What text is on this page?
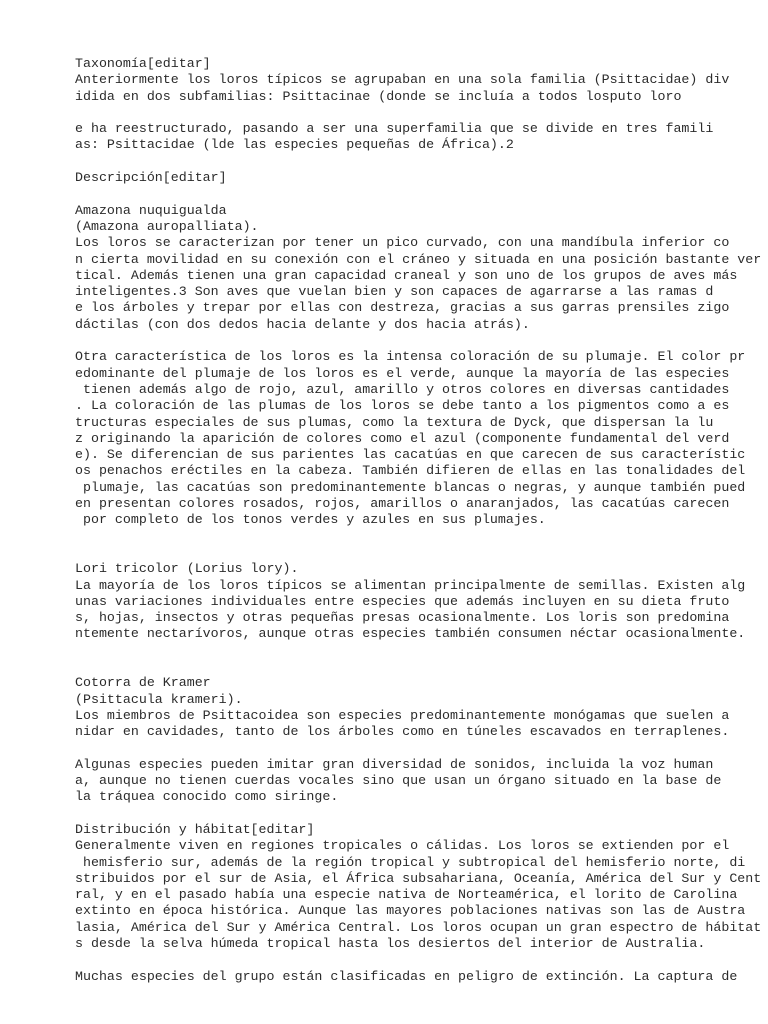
Taxonomía[editar]
Anteriormente los loros típicos se agrupaban en una sola familia (Psittacidae) div
idida en dos subfamilias: Psittacinae (donde se incluía a todos losputo loro
e ha reestructurado, pasando a ser una superfamilia que se divide en tres famili
as: Psittacidae (lde las especies pequeñas de África).2
Descripción[editar]
Amazona nuquigualda
(Amazona auropalliata).
Los loros se caracterizan por tener un pico curvado, con una mandíbula inferior co
n cierta movilidad en su conexión con el cráneo y situada en una posición bastante ver
tical. Además tienen una gran capacidad craneal y son uno de los grupos de aves más
inteligentes.3 Son aves que vuelan bien y son capaces de agarrarse a las ramas d
e los árboles y trepar por ellas con destreza, gracias a sus garras prensiles zigo
dáctilas (con dos dedos hacia delante y dos hacia atrás).
Otra característica de los loros es la intensa coloración de su plumaje. El color pr
edominante del plumaje de los loros es el verde, aunque la mayoría de las especies
tienen además algo de rojo, azul, amarillo y otros colores en diversas cantidades
. La coloración de las plumas de los loros se debe tanto a los pigmentos como a es
tructuras especiales de sus plumas, como la textura de Dyck, que dispersan la lu
z originando la aparición de colores como el azul (componente fundamental del verd
e). Se diferencian de sus parientes las cacatúas en que carecen de sus característic
os penachos eréctiles en la cabeza. También difieren de ellas en las tonalidades del
plumaje, las cacatúas son predominantemente blancas o negras, y aunque también pued
en presentan colores rosados, rojos, amarillos o anaranjados, las cacatúas carecen
por completo de los tonos verdes y azules en sus plumajes.
Lori tricolor (Lorius lory).
La mayoría de los loros típicos se alimentan principalmente de semillas. Existen alg
unas variaciones individuales entre especies que además incluyen en su dieta fruto
s, hojas, insectos y otras pequeñas presas ocasionalmente. Los loris son predomina
ntemente nectarívoros, aunque otras especies también consumen néctar ocasionalmente.
Cotorra de Kramer
(Psittacula krameri).
Los miembros de Psittacoidea son especies predominantemente monógamas que suelen a
nidar en cavidades, tanto de los árboles como en túneles escavados en terraplenes.
Algunas especies pueden imitar gran diversidad de sonidos, incluida la voz human
a, aunque no tienen cuerdas vocales sino que usan un órgano situado en la base de
la tráquea conocido como siringe.
Distribución y hábitat[editar]
Generalmente viven en regiones tropicales o cálidas. Los loros se extienden por el
hemisferio sur, además de la región tropical y subtropical del hemisferio norte, di
stribuidos por el sur de Asia, el África subsahariana, Oceanía, América del Sur y Cent
ral, y en el pasado había una especie nativa de Norteamérica, el lorito de Carolina
extinto en época histórica. Aunque las mayores poblaciones nativas son las de Austra
lasia, América del Sur y América Central. Los loros ocupan un gran espectro de hábitat
s desde la selva húmeda tropical hasta los desiertos del interior de Australia.
Muchas especies del grupo están clasificadas en peligro de extinción. La captura de
